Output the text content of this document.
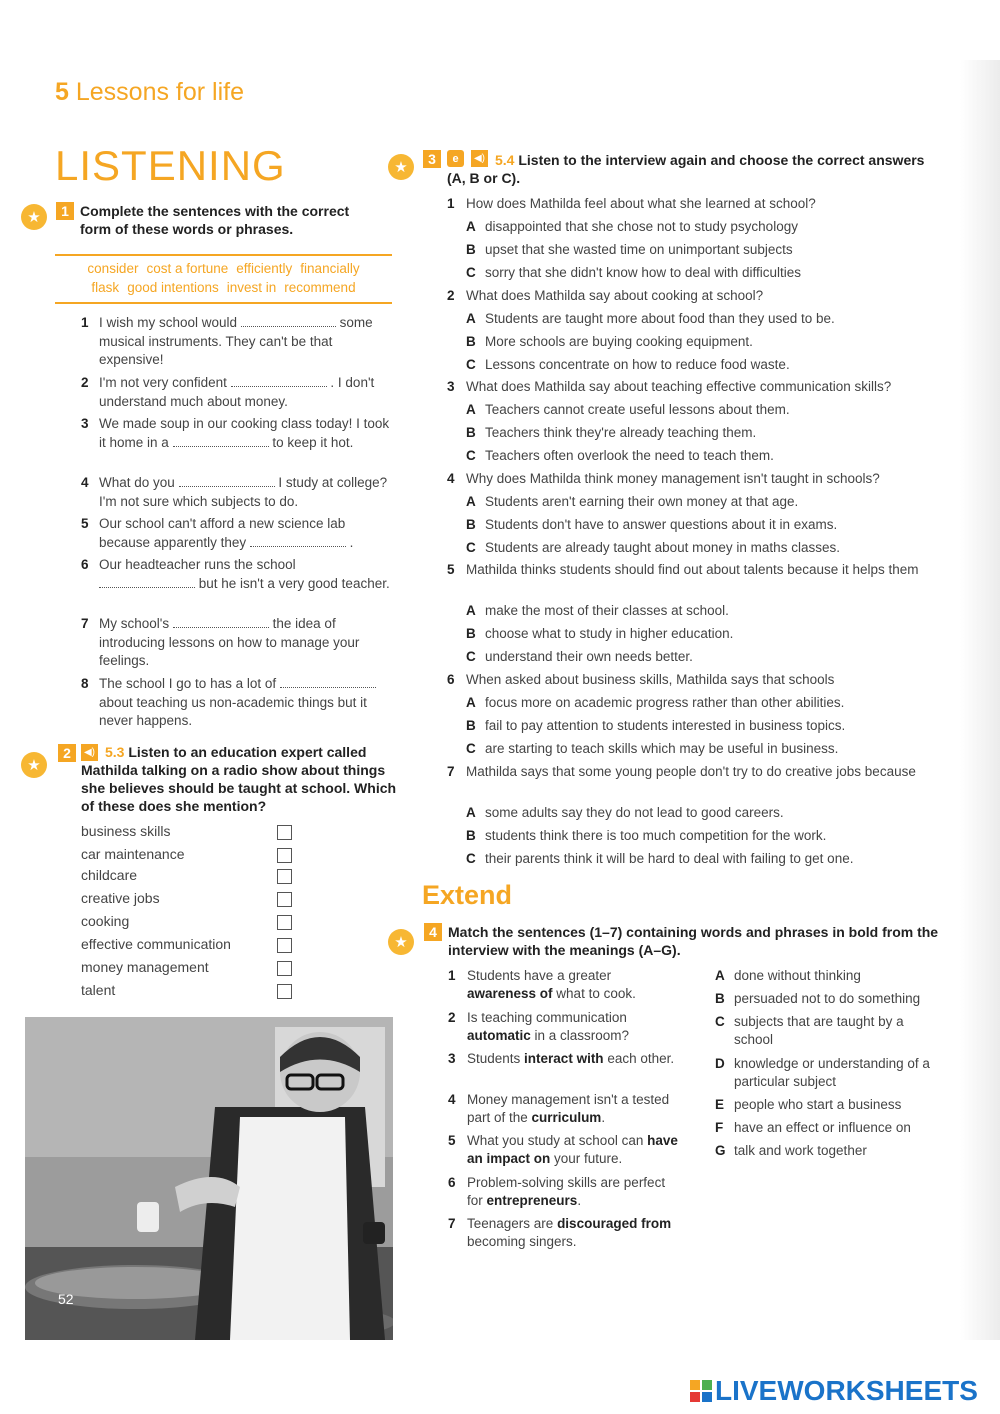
5 Lessons for life
LISTENING
★	1 Complete the sentences with the correct form of these words or phrases.
consider cost a fortune efficiently financially
flask good intentions invest in recommend
1 I wish my school would	some musical instruments. They can't be that expensive!
2 I'm not very confident	. I don't understand much about money.
3 We made soup in our cooking class today! I took it home in a	to keep it hot.
4 What do you	I study at college? I'm not sure which subjects to do.
5 Our school can't afford a new science lab because apparently they	.
6 Our headteacher runs the school  but he isn't a very good teacher.
7 My school's	the idea of introducing lessons on how to manage your feelings.
8 The school I go to has a lot of  about teaching us non-academic things but it never happens.
★
2	◀) 5.3 Listen to an education expert called Mathilda talking on a radio show about things she believes should be taught at school. Which of these does she mention?
business skills
car maintenance
childcare
creative jobs
cooking
effective communication
money management
talent
52
★	3	e	◀) 5.4 Listen to the interview again and choose the correct answers (A, B or C).
1 How does Mathilda feel about what she learned at school?
A disappointed that she chose not to study psychology
B upset that she wasted time on unimportant subjects
C sorry that she didn't know how to deal with difficulties
2 What does Mathilda say about cooking at school?
A Students are taught more about food than they used to be.
B More schools are buying cooking equipment.
C Lessons concentrate on how to reduce food waste.
3 What does Mathilda say about teaching effective communication skills?
A Teachers cannot create useful lessons about them.
B Teachers think they're already teaching them.
C Teachers often overlook the need to teach them.
4 Why does Mathilda think money management isn't taught in schools?
A Students aren't earning their own money at that age.
B Students don't have to answer questions about it in exams.
C Students are already taught about money in maths classes.
5 Mathilda thinks students should find out about talents because it helps them
A make the most of their classes at school.
B choose what to study in higher education.
C understand their own needs better.
6 When asked about business skills, Mathilda says that schools
A focus more on academic progress rather than other abilities.
B fail to pay attention to students interested in business topics.
C are starting to teach skills which may be useful in business.
7 Mathilda says that some young people don't try to do creative jobs because
A some adults say they do not lead to good careers.
B students think there is too much competition for the work.
C their parents think it will be hard to deal with failing to get one.
Extend
★
4 Match the sentences (1–7) containing words and phrases in bold from the interview with the meanings (A–G).
1 Students have a greater awareness of what to cook.
2 Is teaching communication automatic in a classroom?
3 Students interact with each other.
4 Money management isn't a tested part of the curriculum.
5 What you study at school can have an impact on your future.
6 Problem-solving skills are perfect for entrepreneurs.
7 Teenagers are discouraged from becoming singers.
A done without thinking
B persuaded not to do something
C subjects that are taught by a school
D knowledge or understanding of a particular subject
E people who start a business
F have an effect or influence on
G talk and work together
LIVEWORKSHEETS
